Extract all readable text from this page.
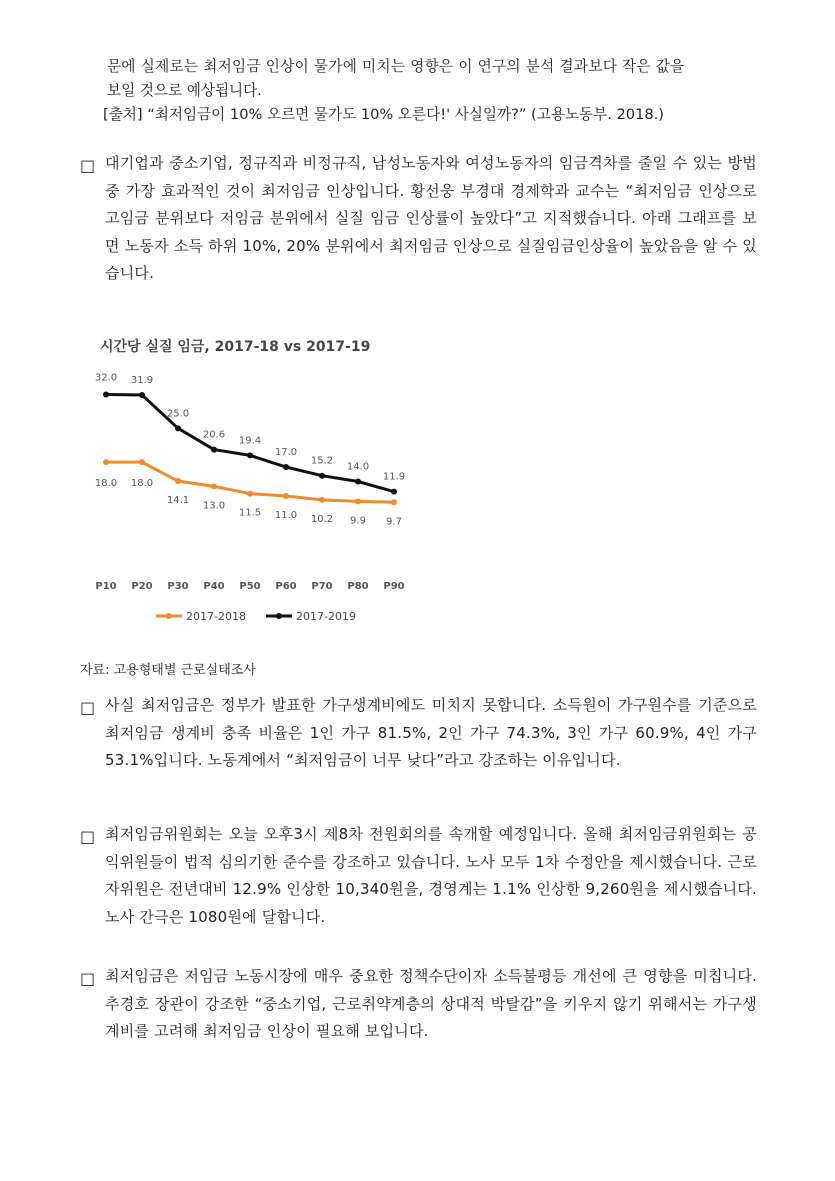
문에 실제로는 최저임금 인상이 물가에 미치는 영향은 이 연구의 분석 결과보다 작은 값을
보일 것으로 예상됩니다.
[출처] “최저임금이 10% 오르면 물가도 10% 오른다!' 사실일까?” (고용노동부. 2018.)
□ 대기업과 중소기업, 정규직과 비정규직, 남성노동자와 여성노동자의 임금격차를 줄일 수 있는 방법 중 가장 효과적인 것이 최저임금 인상입니다. 황선웅 부경대 경제학과 교수는 “최저임금 인상으로 고임금 분위보다 저임금 분위에서 실질 임금 인상률이 높았다”고 지적했습니다. 아래 그래프를 보면 노동자 소득 하위 10%, 20% 분위에서 최저임금 인상으로 실질임금인상율이 높았음을 알 수 있습니다.
시간당 실질 임금, 2017-18 vs 2017-19
18.0 18.0
14.1 13.0
11.5 11.0 10.2 9.9 9.7
32.0 31.9
25.0
20.6
19.4
17.0
15.2
14.0
11.9
P10 P20 P30 P40 P50 P60 P70 P80 P90
2017-2018	2017-2019
자료: 고용형태별 근로실태조사
□ 사실 최저임금은 정부가 발표한 가구생계비에도 미치지 못합니다. 소득원이 가구원수를 기준으로 최저임금 생계비 충족 비율은 1인 가구 81.5%, 2인 가구 74.3%, 3인 가구 60.9%, 4인 가구 53.1%입니다. 노동계에서 “최저임금이 너무 낮다”라고 강조하는 이유입니다.
□ 최저임금위원회는 오늘 오후3시 제8차 전원회의를 속개할 예정입니다. 올해 최저임금위원회는 공익위원들이 법적 심의기한 준수를 강조하고 있습니다. 노사 모두 1차 수정안을 제시했습니다. 근로자위원은 전년대비 12.9% 인상한 10,340원을, 경영계는 1.1% 인상한 9,260원을 제시했습니다. 노사 간극은 1080원에 달합니다.
□ 최저임금은 저임금 노동시장에 매우 중요한 정책수단이자 소득불평등 개선에 큰 영향을 미칩니다. 추경호 장관이 강조한 “중소기업, 근로취약계층의 상대적 박탈감”을 키우지 않기 위해서는 가구생계비를 고려해 최저임금 인상이 필요해 보입니다.
